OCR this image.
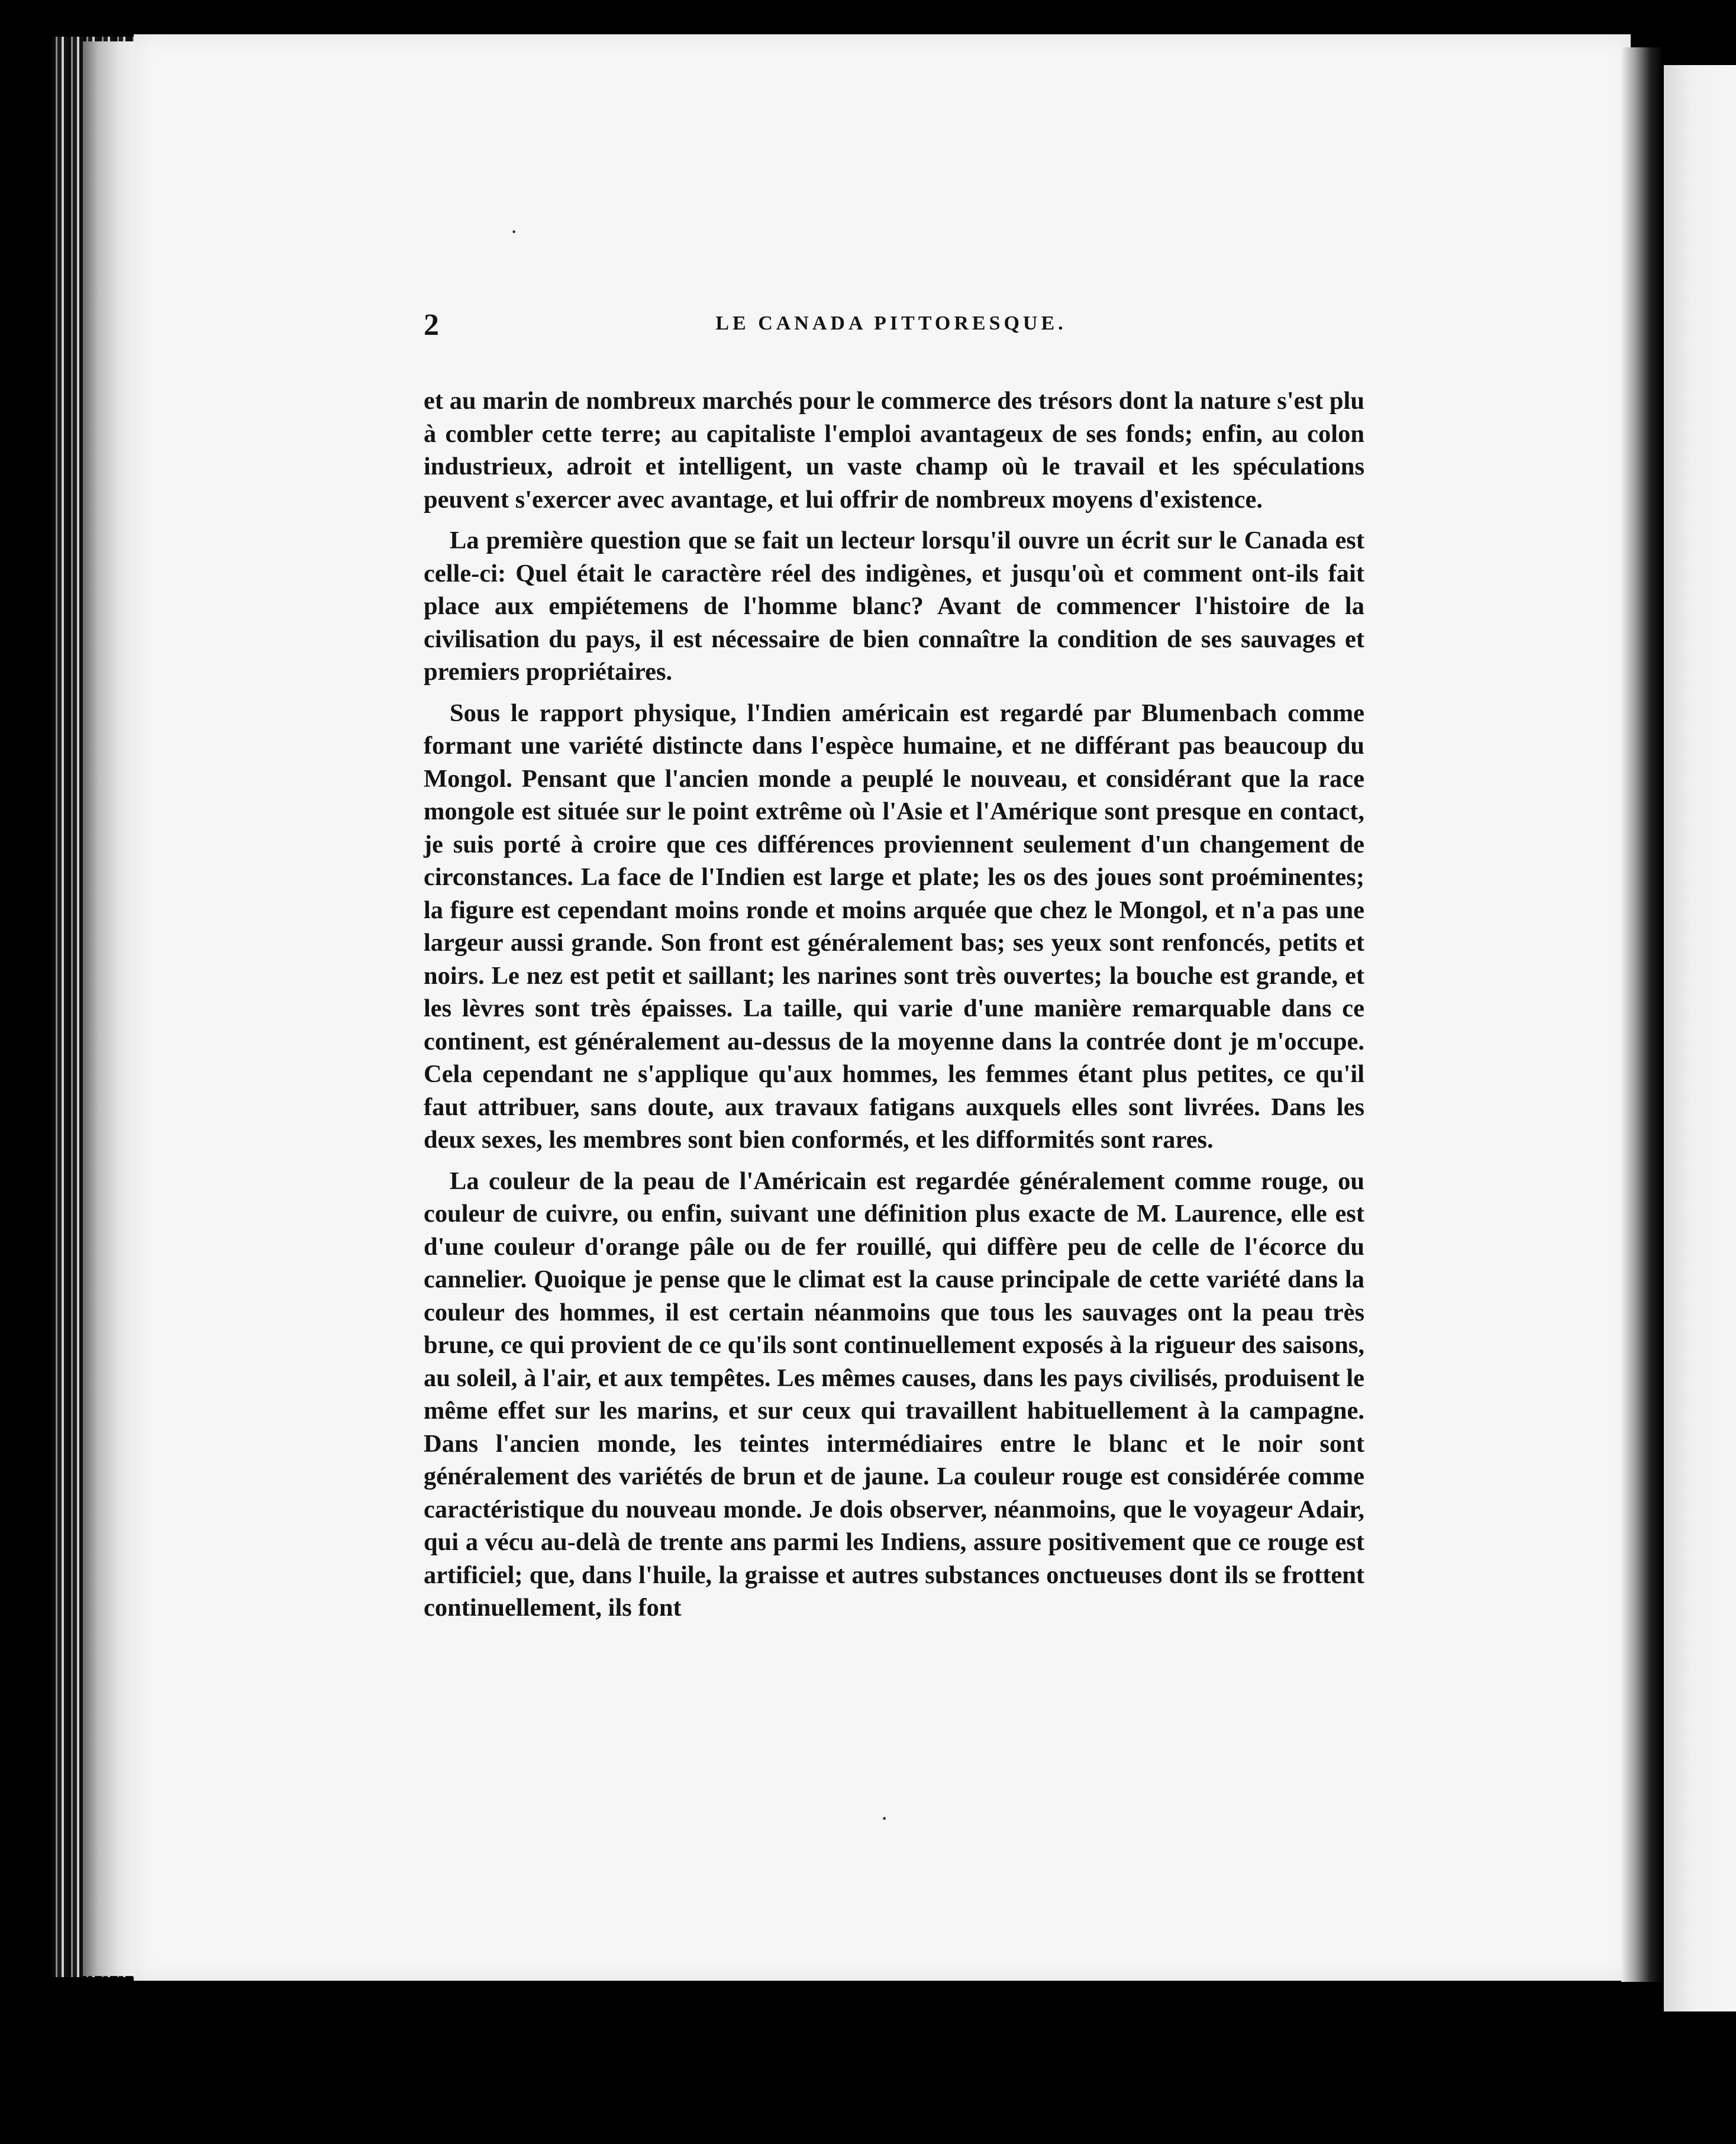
·
·
2	LE CANADA PITTORESQUE.

et au marin de nombreux marchés pour le commerce des trésors dont la nature s'est plu à combler cette terre; au capitaliste l'emploi avantageux de ses fonds; enfin, au colon industrieux, adroit et intelligent, un vaste champ où le travail et les spéculations peuvent s'exercer avec avantage, et lui offrir de nombreux moyens d'existence.

La première question que se fait un lecteur lorsqu'il ouvre un écrit sur le Canada est celle-ci: Quel était le caractère réel des indigènes, et jusqu'où et comment ont-ils fait place aux empiétemens de l'homme blanc? Avant de commencer l'histoire de la civilisation du pays, il est nécessaire de bien connaître la condition de ses sauvages et premiers propriétaires.

Sous le rapport physique, l'Indien américain est regardé par Blumenbach comme formant une variété distincte dans l'espèce humaine, et ne différant pas beaucoup du Mongol. Pensant que l'ancien monde a peuplé le nouveau, et considérant que la race mongole est située sur le point extrême où l'Asie et l'Amérique sont presque en contact, je suis porté à croire que ces différences proviennent seulement d'un changement de circonstances. La face de l'Indien est large et plate; les os des joues sont proéminentes; la figure est cependant moins ronde et moins arquée que chez le Mongol, et n'a pas une largeur aussi grande. Son front est généralement bas; ses yeux sont renfoncés, petits et noirs. Le nez est petit et saillant; les narines sont très ouvertes; la bouche est grande, et les lèvres sont très épaisses. La taille, qui varie d'une manière remarquable dans ce continent, est généralement au-dessus de la moyenne dans la contrée dont je m'occupe. Cela cependant ne s'applique qu'aux hommes, les femmes étant plus petites, ce qu'il faut attribuer, sans doute, aux travaux fatigans auxquels elles sont livrées. Dans les deux sexes, les membres sont bien conformés, et les difformités sont rares.

La couleur de la peau de l'Américain est regardée généralement comme rouge, ou couleur de cuivre, ou enfin, suivant une définition plus exacte de M. Laurence, elle est d'une couleur d'orange pâle ou de fer rouillé, qui diffère peu de celle de l'écorce du cannelier. Quoique je pense que le climat est la cause principale de cette variété dans la couleur des hommes, il est certain néanmoins que tous les sauvages ont la peau très brune, ce qui provient de ce qu'ils sont continuellement exposés à la rigueur des saisons, au soleil, à l'air, et aux tempêtes. Les mêmes causes, dans les pays civilisés, produisent le même effet sur les marins, et sur ceux qui travaillent habituellement à la campagne. Dans l'ancien monde, les teintes intermédiaires entre le blanc et le noir sont généralement des variétés de brun et de jaune. La couleur rouge est considérée comme caractéristique du nouveau monde. Je dois observer, néanmoins, que le voyageur Adair, qui a vécu au-delà de trente ans parmi les Indiens, assure positivement que ce rouge est artificiel; que, dans l'huile, la graisse et autres substances onctueuses dont ils se frottent continuellement, ils font
